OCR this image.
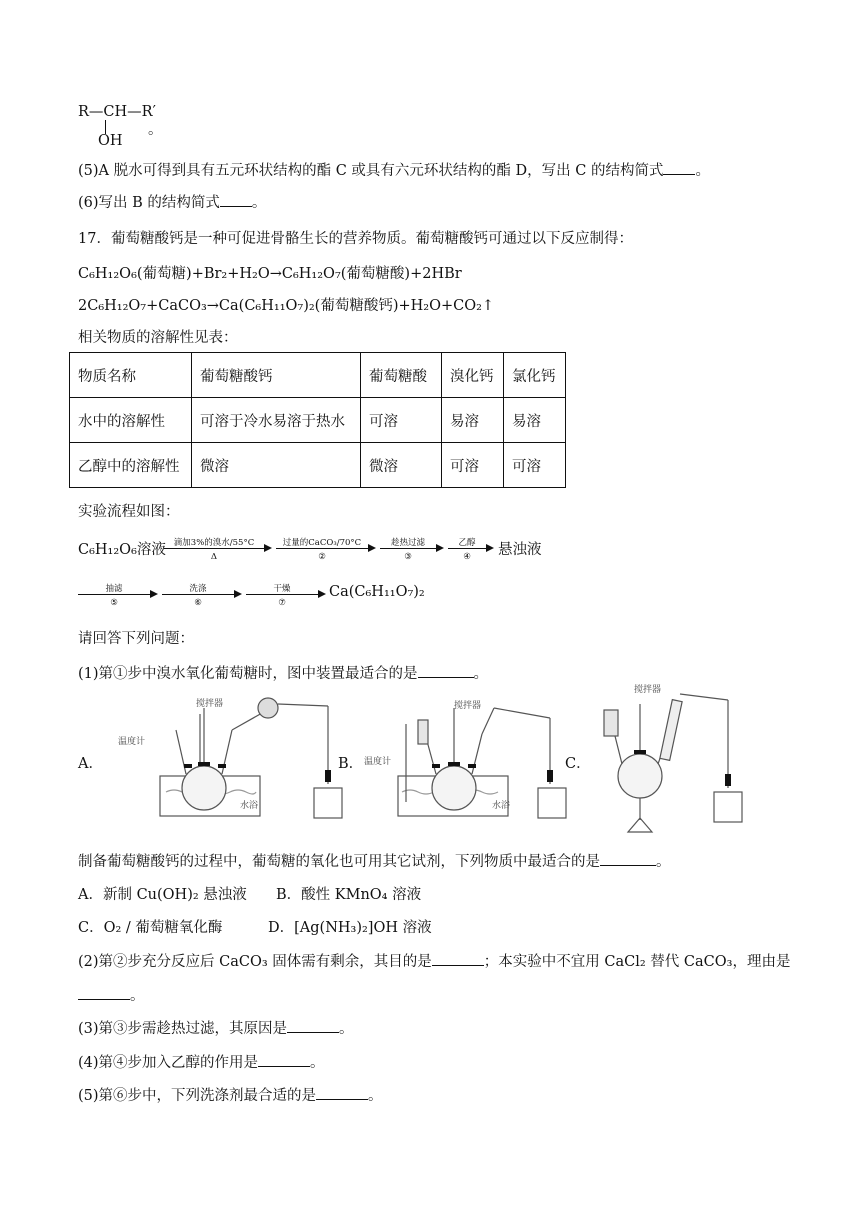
R—CH—R′
OH
。
(5)A 脱水可得到具有五元环状结构的酯 C 或具有六元环状结构的酯 D，写出 C 的结构简式 。
(6)写出 B 的结构简式 。
17．葡萄糖酸钙是一种可促进骨骼生长的营养物质。葡萄糖酸钙可通过以下反应制得：
C₆H₁₂O₆(葡萄糖)+Br₂+H₂O→C₆H₁₂O₇(葡萄糖酸)+2HBr
2C₆H₁₂O₇+CaCO₃→Ca(C₆H₁₁O₇)₂(葡萄糖酸钙)+H₂O+CO₂↑
相关物质的溶解性见表：
物质名称	葡萄糖酸钙	葡萄糖酸	溴化钙	氯化钙
水中的溶解性	可溶于冷水易溶于热水	可溶	易溶	易溶
乙醇中的溶解性	微溶	微溶	可溶	可溶
实验流程如图：
C₆H₁₂O₆溶液 滴加3%的溴水/55°C
Δ
过量的CaCO₃/70°C
②
趁热过滤
③
乙醇
④	悬浊液
抽滤
⑤
洗涤
⑥
干燥
⑦
Ca(C₆H₁₁O₇)₂
请回答下列问题：
(1)第①步中溴水氧化葡萄糖时，图中装置最适合的是	。
A．	B．	C．
搅拌器
温度计
水浴
搅拌器
温度计
水浴
搅拌器
制备葡萄糖酸钙的过程中，葡萄糖的氧化也可用其它试剂，下列物质中最适合的是	。
A．新制 Cu(OH)₂ 悬浊液 B．酸性 KMnO₄ 溶液
C．O₂ / 葡萄糖氧化酶	D．[Ag(NH₃)₂]OH 溶液
(2)第②步充分反应后 CaCO₃ 固体需有剩余，其目的是	；本实验中不宜用 CaCl₂ 替代 CaCO₃，理由是
。
(3)第③步需趁热过滤，其原因是	。
(4)第④步加入乙醇的作用是	。
(5)第⑥步中，下列洗涤剂最合适的是	。
